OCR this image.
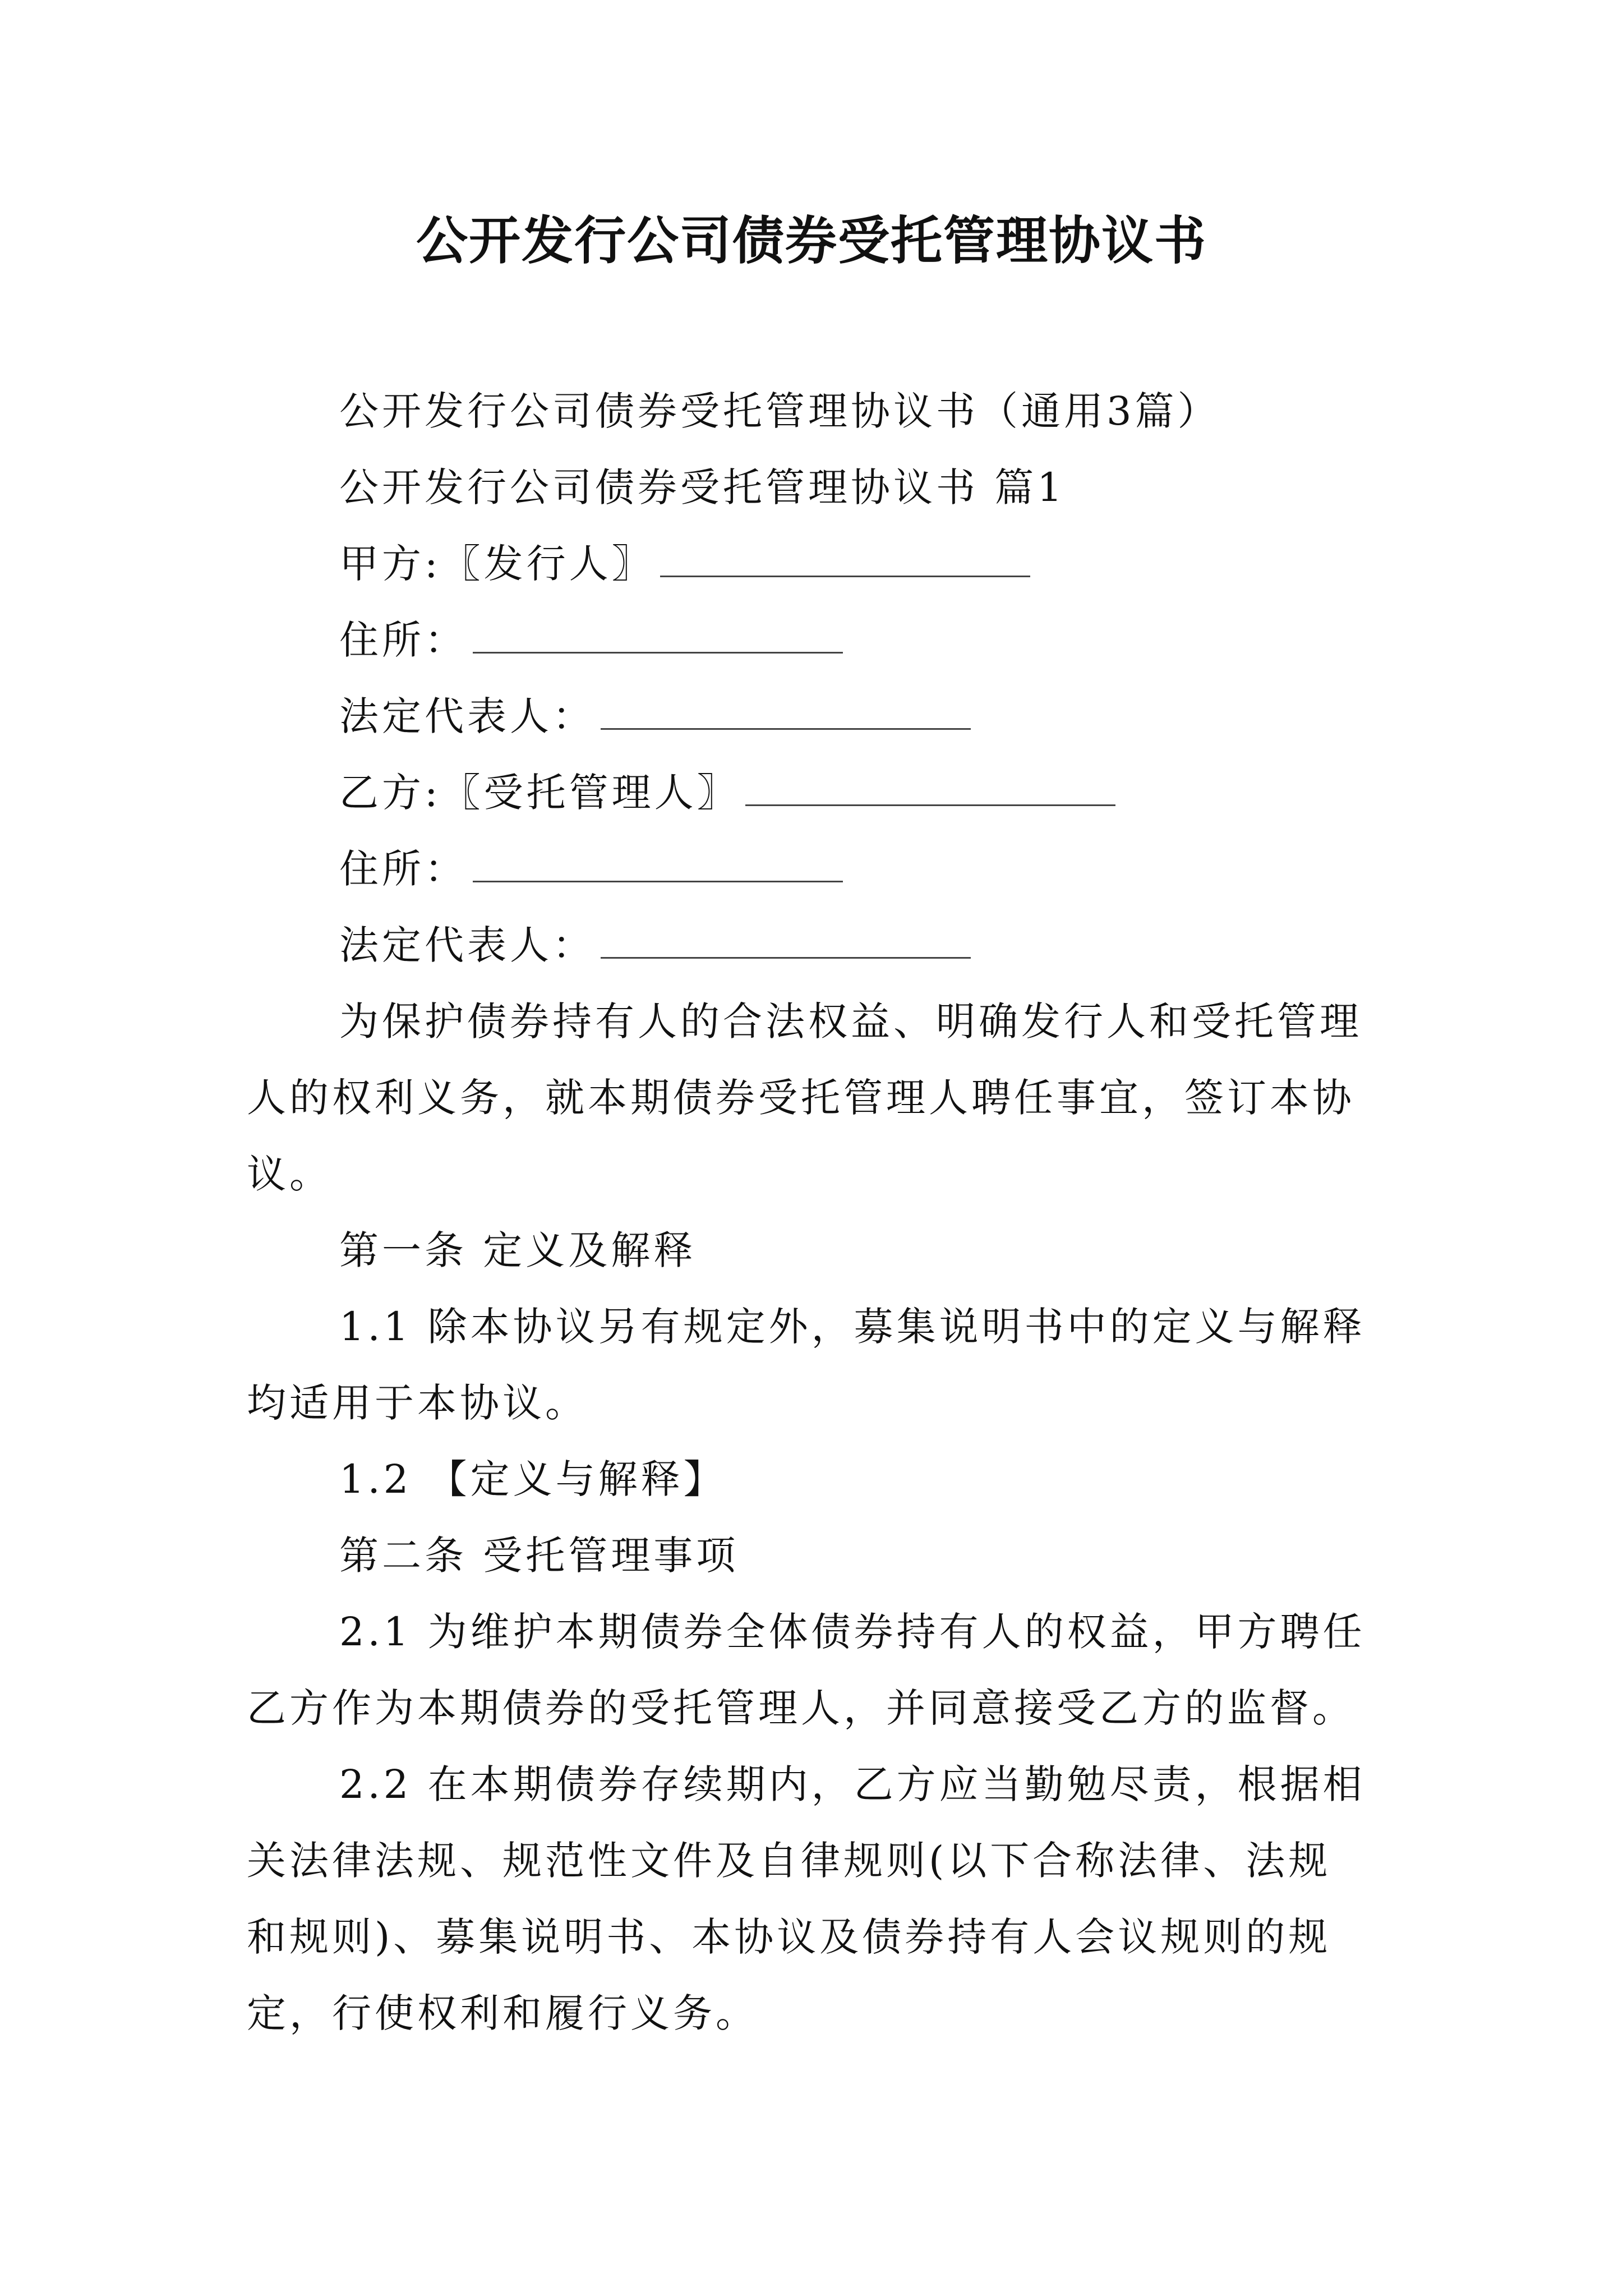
公开发行公司债券受托管理协议书
公开发行公司债券受托管理协议书（通用3篇）
公开发行公司债券受托管理协议书 篇1
甲方:〖发行人〗
住所：
法定代表人：
乙方:〖受托管理人〗
住所：
法定代表人：
为保护债券持有人的合法权益、明确发行人和受托管理
人的权利义务，就本期债券受托管理人聘任事宜，签订本协
议。
第一条 定义及解释
1.1 除本协议另有规定外，募集说明书中的定义与解释
均适用于本协议。
1.2 【定义与解释】
第二条 受托管理事项
2.1 为维护本期债券全体债券持有人的权益，甲方聘任
乙方作为本期债券的受托管理人，并同意接受乙方的监督。
2.2 在本期债券存续期内，乙方应当勤勉尽责，根据相
关法律法规、规范性文件及自律规则(以下合称法律、法规
和规则)、募集说明书、本协议及债券持有人会议规则的规
定，行使权利和履行义务。
